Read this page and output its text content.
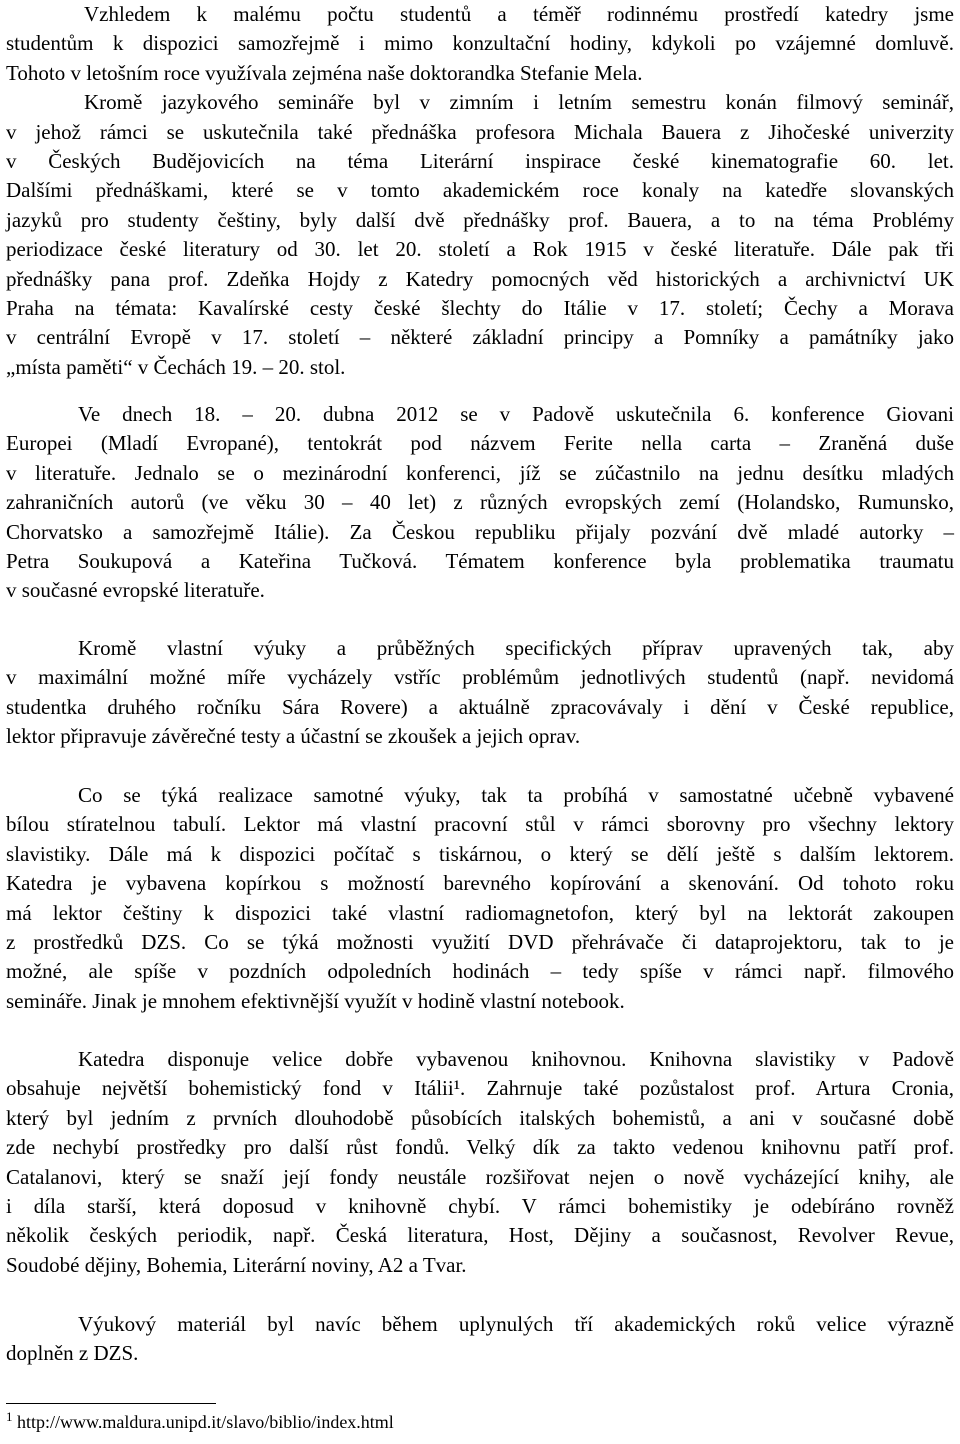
Vzhledem k malému počtu studentů a téměř rodinnému prostředí katedry jsme
studentům k dispozici samozřejmě i mimo konzultační hodiny, kdykoli po vzájemné domluvě.
Tohoto v letošním roce využívala zejména naše doktorandka Stefanie Mela.
Kromě jazykového semináře byl v zimním i letním semestru konán filmový seminář,
v jehož rámci se uskutečnila také přednáška profesora Michala Bauera z Jihočeské univerzity
v Českých Budějovicích na téma Literární inspirace české kinematografie 60. let.
Dalšími přednáškami, které se v tomto akademickém roce konaly na katedře slovanských
jazyků pro studenty češtiny, byly další dvě přednášky prof. Bauera, a to na téma Problémy
periodizace české literatury od 30. let 20. století a Rok 1915 v české literatuře. Dále pak tři
přednášky pana prof. Zdeňka Hojdy z Katedry pomocných věd historických a archivnictví UK
Praha na témata: Kavalírské cesty české šlechty do Itálie v 17. století; Čechy a Morava
v centrální Evropě v 17. století – některé základní principy a Pomníky a památníky jako
„místa paměti“ v Čechách 19. – 20. stol.
Ve dnech 18. – 20. dubna 2012 se v Padově uskutečnila 6. konference Giovani
Europei (Mladí Evropané), tentokrát pod názvem Ferite nella carta – Zraněná duše
v literatuře. Jednalo se o mezinárodní konferenci, jíž se zúčastnilo na jednu desítku mladých
zahraničních autorů (ve věku 30 – 40 let) z různých evropských zemí (Holandsko, Rumunsko,
Chorvatsko a samozřejmě Itálie). Za Českou republiku přijaly pozvání dvě mladé autorky –
Petra Soukupová a Kateřina Tučková. Tématem konference byla problematika traumatu
v současné evropské literatuře.
Kromě vlastní výuky a průběžných specifických příprav upravených tak, aby
v maximální možné míře vycházely vstříc problémům jednotlivých studentů (např. nevidomá
studentka druhého ročníku Sára Rovere) a aktuálně zpracovávaly i dění v České republice,
lektor připravuje závěrečné testy a účastní se zkoušek a jejich oprav.
Co se týká realizace samotné výuky, tak ta probíhá v samostatné učebně vybavené
bílou stíratelnou tabulí. Lektor má vlastní pracovní stůl v rámci sborovny pro všechny lektory
slavistiky. Dále má k dispozici počítač s tiskárnou, o který se dělí ještě s dalším lektorem.
Katedra je vybavena kopírkou s možností barevného kopírování a skenování. Od tohoto roku
má lektor češtiny k dispozici také vlastní radiomagnetofon, který byl na lektorát zakoupen
z prostředků DZS. Co se týká možnosti využití DVD přehrávače či dataprojektoru, tak to je
možné, ale spíše v pozdních odpoledních hodinách – tedy spíše v rámci např. filmového
semináře. Jinak je mnohem efektivnější využít v hodině vlastní notebook.
Katedra disponuje velice dobře vybavenou knihovnou. Knihovna slavistiky v Padově
obsahuje největší bohemistický fond v Itálii¹. Zahrnuje také pozůstalost prof. Artura Cronia,
který byl jedním z prvních dlouhodobě působících italských bohemistů, a ani v současné době
zde nechybí prostředky pro další růst fondů. Velký dík za takto vedenou knihovnu patří prof.
Catalanovi, který se snaží její fondy neustále rozšiřovat nejen o nově vycházející knihy, ale
i díla starší, která doposud v knihovně chybí. V rámci bohemistiky je odebíráno rovněž
několik českých periodik, např. Česká literatura, Host, Dějiny a současnost, Revolver Revue,
Soudobé dějiny, Bohemia, Literární noviny, A2 a Tvar.
Výukový materiál byl navíc během uplynulých tří akademických roků velice výrazně
doplněn z DZS.
$^1$ http://www.maldura.unipd.it/slavo/biblio/index.html
